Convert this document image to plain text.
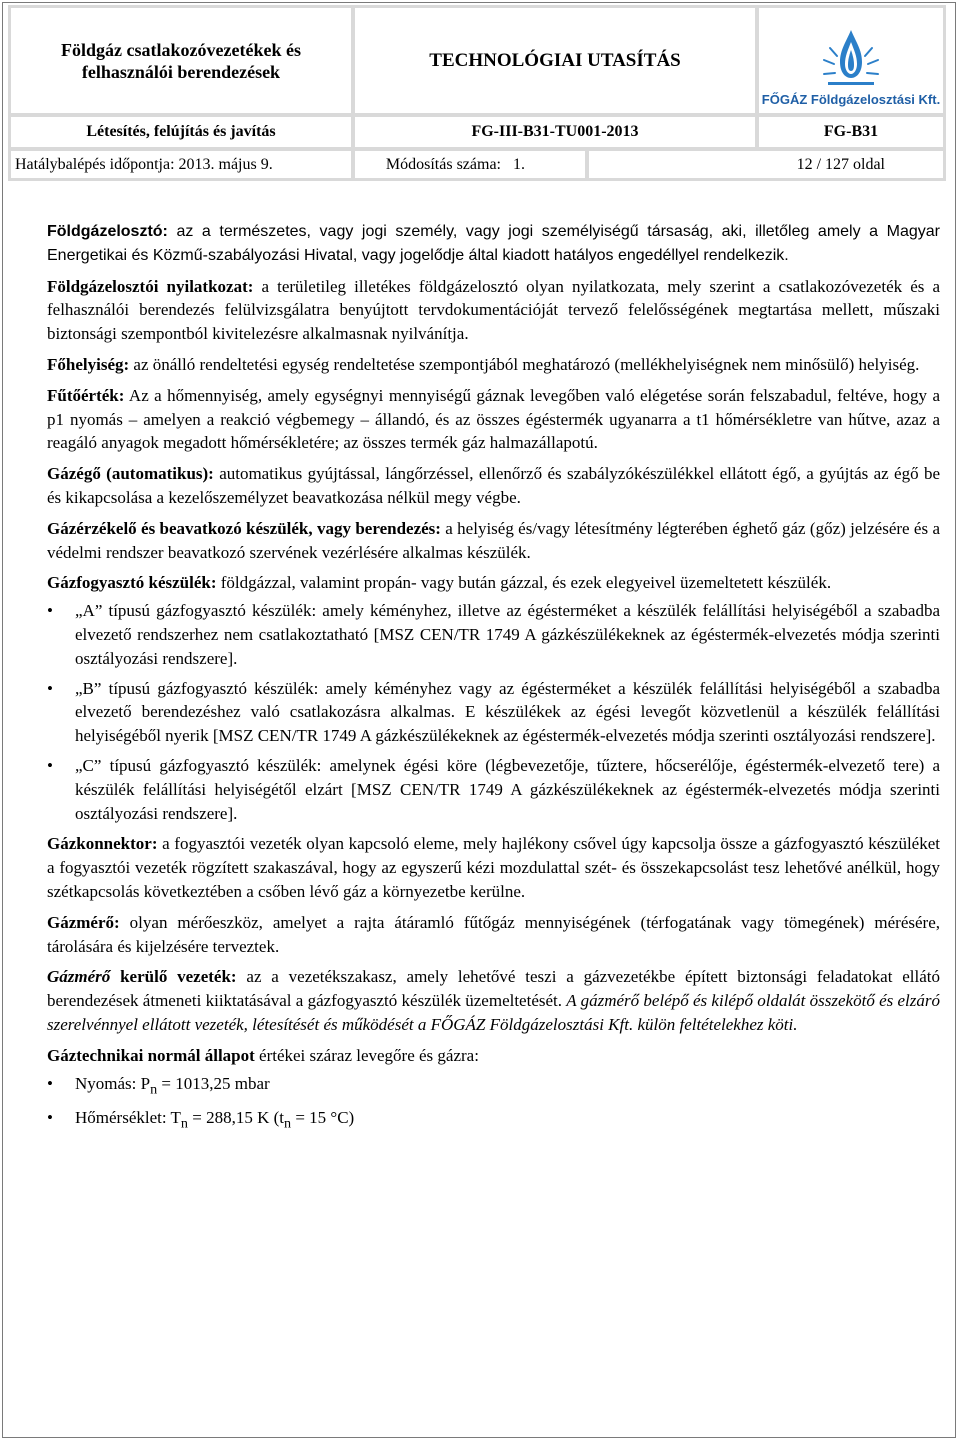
Földgáz csatlakozóvezetékek és felhasználói berendezések
TECHNOLÓGIAI UTASÍTÁS
FŐGÁZ Földgázelosztási Kft.
Létesítés, felújítás és javítás	FG-III-B31-TU001-2013	FG-B31
Hatálybalépés időpontja: 2013. május 9.	Módosítás száma:   1.	12 / 127 oldal

Földgázelosztó: az a természetes, vagy jogi személy, vagy jogi személyiségű társaság, aki, illetőleg amely a Magyar Energetikai és Közmű-szabályozási Hivatal, vagy jogelődje által kiadott hatályos engedéllyel rendelkezik.

Földgázelosztói nyilatkozat: a területileg illetékes földgázelosztó olyan nyilatkozata, mely szerint a csatlakozóvezeték és a felhasználói berendezés felülvizsgálatra benyújtott tervdokumentációját tervező felelősségének megtartása mellett, műszaki biztonsági szempontból kivitelezésre alkalmasnak nyilvánítja.

Főhelyiség: az önálló rendeltetési egység rendeltetése szempontjából meghatározó (mellékhelyiségnek nem minősülő) helyiség.

Fűtőérték: Az a hőmennyiség, amely egységnyi mennyiségű gáznak levegőben való elégetése során felszabadul, feltéve, hogy a p1 nyomás – amelyen a reakció végbemegy – állandó, és az összes égéstermék ugyanarra a t1 hőmérsékletre van hűtve, azaz a reagáló anyagok megadott hőmérsékletére; az összes termék gáz halmazállapotú.

Gázégő (automatikus): automatikus gyújtással, lángőrzéssel, ellenőrző és szabályzókészülékkel ellátott égő, a gyújtás az égő be és kikapcsolása a kezelőszemélyzet beavatkozása nélkül megy végbe.

Gázérzékelő és beavatkozó készülék, vagy berendezés: a helyiség és/vagy létesítmény légterében éghető gáz (gőz) jelzésére és a védelmi rendszer beavatkozó szervének vezérlésére alkalmas készülék.

Gázfogyasztó készülék: földgázzal, valamint propán- vagy bután gázzal, és ezek elegyeivel üzemeltetett készülék.

• „A” típusú gázfogyasztó készülék: amely kéményhez, illetve az égésterméket a készülék felállítási helyiségéből a szabadba elvezető rendszerhez nem csatlakoztatható [MSZ CEN/TR 1749 A gázkészülékeknek az égéstermék-elvezetés módja szerinti osztályozási rendszere].
• „B” típusú gázfogyasztó készülék: amely kéményhez vagy az égésterméket a készülék felállítási helyiségéből a szabadba elvezető berendezéshez való csatlakozásra alkalmas. E készülékek az égési levegőt közvetlenül a készülék felállítási helyiségéből nyerik [MSZ CEN/TR 1749 A gázkészülékeknek az égéstermék-elvezetés módja szerinti osztályozási rendszere].
• „C” típusú gázfogyasztó készülék: amelynek égési köre (légbevezetője, tűztere, hőcserélője, égéstermék-elvezető tere) a készülék felállítási helyiségétől elzárt [MSZ CEN/TR 1749 A gázkészülékeknek az égéstermék-elvezetés módja szerinti osztályozási rendszere].

Gázkonnektor: a fogyasztói vezeték olyan kapcsoló eleme, mely hajlékony csővel úgy kapcsolja össze a gázfogyasztó készüléket a fogyasztói vezeték rögzített szakaszával, hogy az egyszerű kézi mozdulattal szét- és összekapcsolást tesz lehetővé anélkül, hogy szétkapcsolás következtében a csőben lévő gáz a környezetbe kerülne.

Gázmérő: olyan mérőeszköz, amelyet a rajta átáramló fűtőgáz mennyiségének (térfogatának vagy tömegének) mérésére, tárolására és kijelzésére terveztek.

Gázmérő kerülő vezeték: az a vezetékszakasz, amely lehetővé teszi a gázvezetékbe épített biztonsági feladatokat ellátó berendezések átmeneti kiiktatásával a gázfogyasztó készülék üzemeltetését. A gázmérő belépő és kilépő oldalát összekötő és elzáró szerelvénnyel ellátott vezeték, létesítését és működését a FŐGÁZ Földgázelosztási Kft. külön feltételekhez köti.

Gáztechnikai normál állapot értékei száraz levegőre és gázra:

• Nyomás: $P_n = 1013,25$ mbar
• Hőmérséklet: $T_n = 288,15$ K ($t_n = 15$ °C)
